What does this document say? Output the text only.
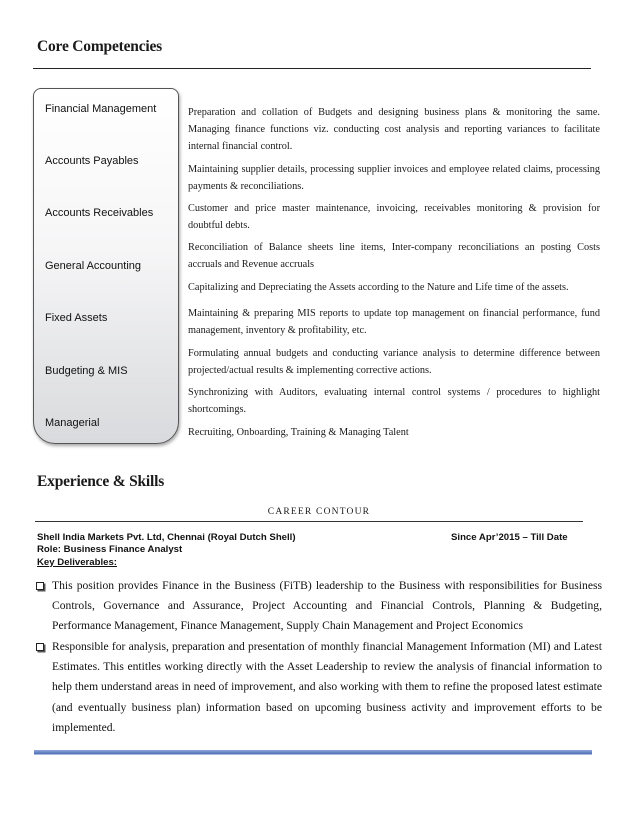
Core Competencies
Financial Management
Accounts Payables
Accounts Receivables
General Accounting
Fixed Assets
Budgeting & MIS
Managerial
Preparation and collation of Budgets and designing business plans & monitoring the same. Managing finance functions viz. conducting cost analysis and reporting variances to facilitate internal financial control.
Maintaining supplier details, processing supplier invoices and employee related claims, processing payments & reconciliations.
Customer and price master maintenance, invoicing, receivables monitoring & provision for doubtful debts.
Reconciliation of Balance sheets line items, Inter-company reconciliations an posting Costs accruals and Revenue accruals
Capitalizing and Depreciating the Assets according to the Nature and Life time of the assets.
Maintaining & preparing MIS reports to update top management on financial performance, fund management, inventory & profitability, etc.
Formulating annual budgets and conducting variance analysis to determine difference between projected/actual results & implementing corrective actions.
Synchronizing with Auditors, evaluating internal control systems / procedures to highlight shortcomings.
Recruiting, Onboarding, Training & Managing Talent
Experience & Skills
CAREER CONTOUR
Shell India Markets Pvt. Ltd, Chennai (Royal Dutch Shell)	Since Apr’2015 – Till Date
Role: Business Finance Analyst
Key Deliverables:
This position provides Finance in the Business (FiTB) leadership to the Business with responsibilities for Business Controls, Governance and Assurance, Project Accounting and Financial Controls, Planning & Budgeting, Performance Management, Finance Management, Supply Chain Management and Project Economics
Responsible for analysis, preparation and presentation of monthly financial Management Information (MI) and Latest Estimates. This entitles working directly with the Asset Leadership to review the analysis of financial information to help them understand areas in need of improvement, and also working with them to refine the proposed latest estimate (and eventually business plan) information based on upcoming business activity and improvement efforts to be implemented.
